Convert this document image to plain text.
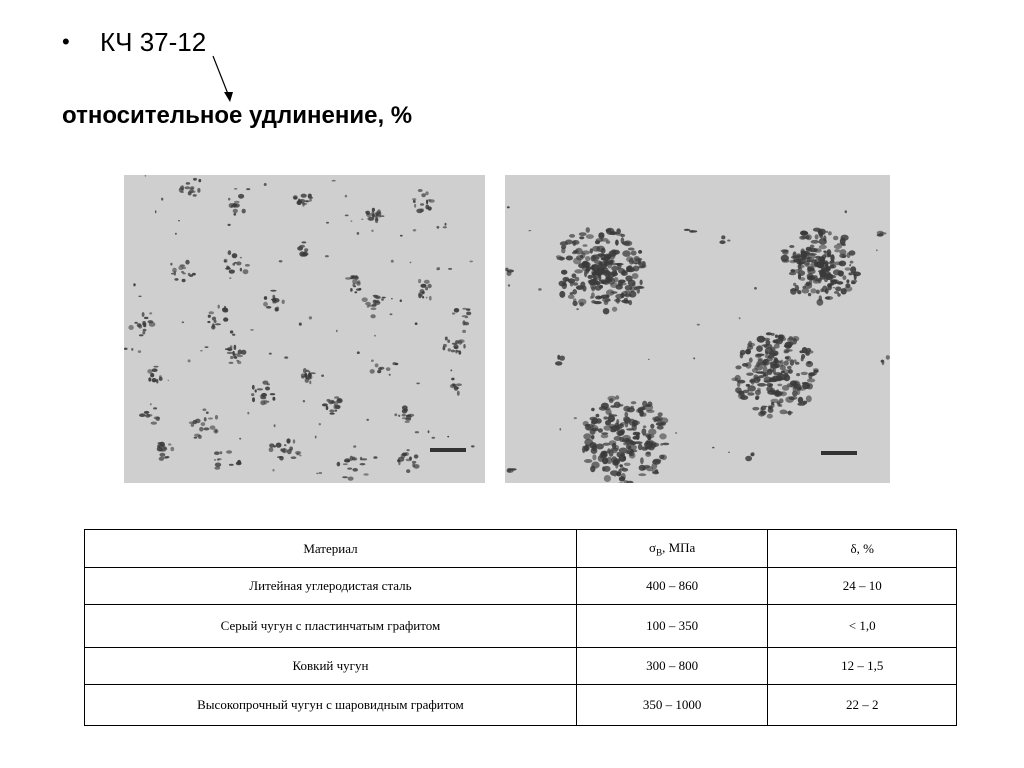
•	КЧ 37-12
относительное удлинение, %
Материал	$\sigma_В$, МПа	δ, %
Литейная углеродистая сталь	400 – 860	24 – 10
Серый чугун с пластинчатым графитом	100 – 350	< 1,0
Ковкий чугун	300 – 800	12 – 1,5
Высокопрочный чугун с шаровидным графитом	350 – 1000	22 – 2
